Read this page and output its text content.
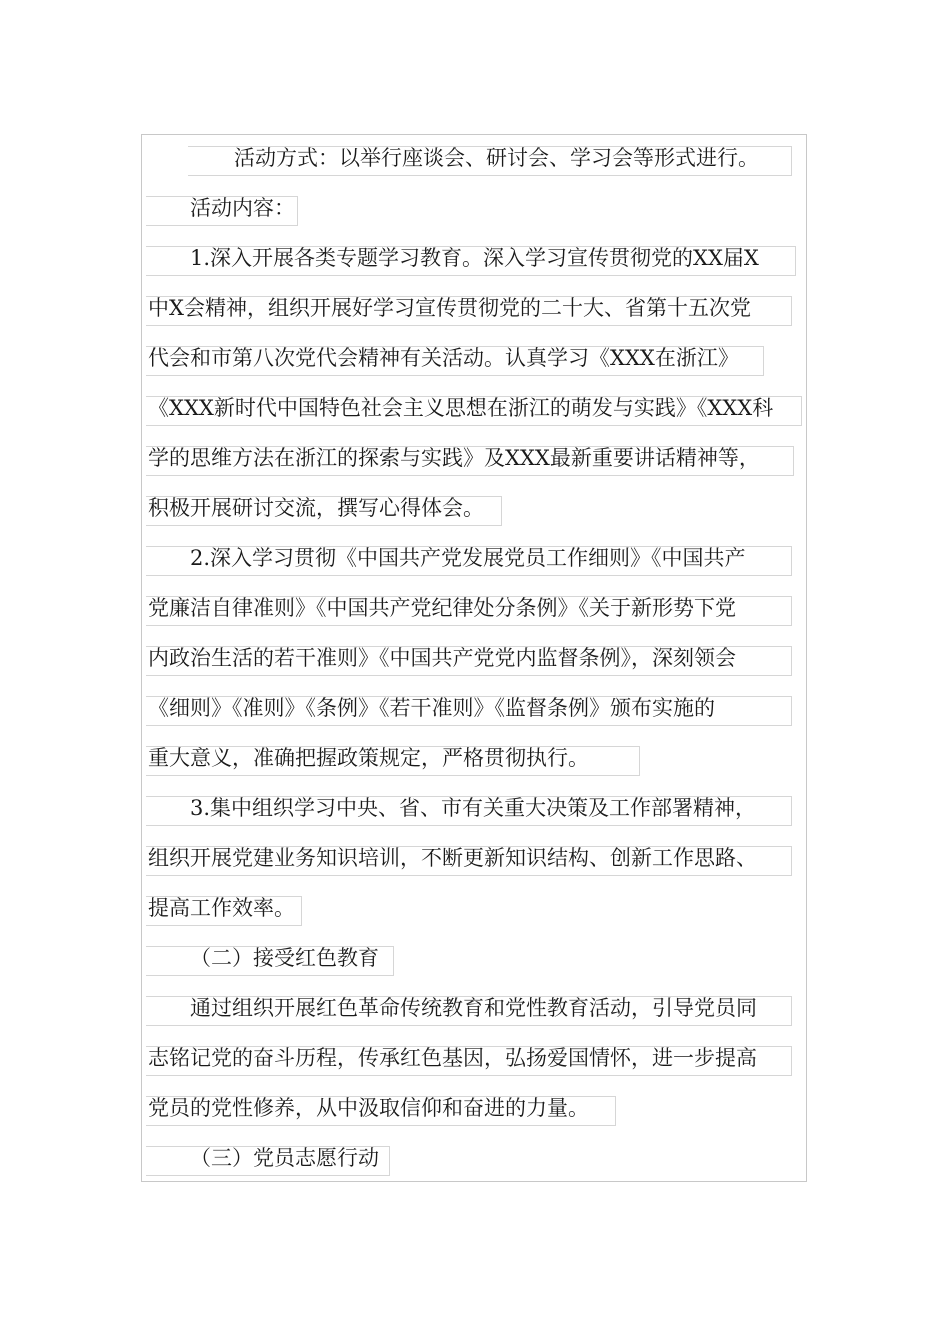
活动方式：以举行座谈会、研讨会、学习会等形式进行。
活动内容：
1.深入开展各类专题学习教育。深入学习宣传贯彻党的XX届X
中X会精神，组织开展好学习宣传贯彻党的二十大、省第十五次党
代会和市第八次党代会精神有关活动。认真学习《XXX在浙江》
《XXX新时代中国特色社会主义思想在浙江的萌发与实践》《XXX科
学的思维方法在浙江的探索与实践》及XXX最新重要讲话精神等，
积极开展研讨交流，撰写心得体会。
2.深入学习贯彻《中国共产党发展党员工作细则》《中国共产
党廉洁自律准则》《中国共产党纪律处分条例》《关于新形势下党
内政治生活的若干准则》《中国共产党党内监督条例》，深刻领会
《细则》《准则》《条例》《若干准则》《监督条例》颁布实施的
重大意义，准确把握政策规定，严格贯彻执行。
3.集中组织学习中央、省、市有关重大决策及工作部署精神，
组织开展党建业务知识培训，不断更新知识结构、创新工作思路、
提高工作效率。
（二）接受红色教育
通过组织开展红色革命传统教育和党性教育活动，引导党员同
志铭记党的奋斗历程，传承红色基因，弘扬爱国情怀，进一步提高
党员的党性修养，从中汲取信仰和奋进的力量。
（三）党员志愿行动
